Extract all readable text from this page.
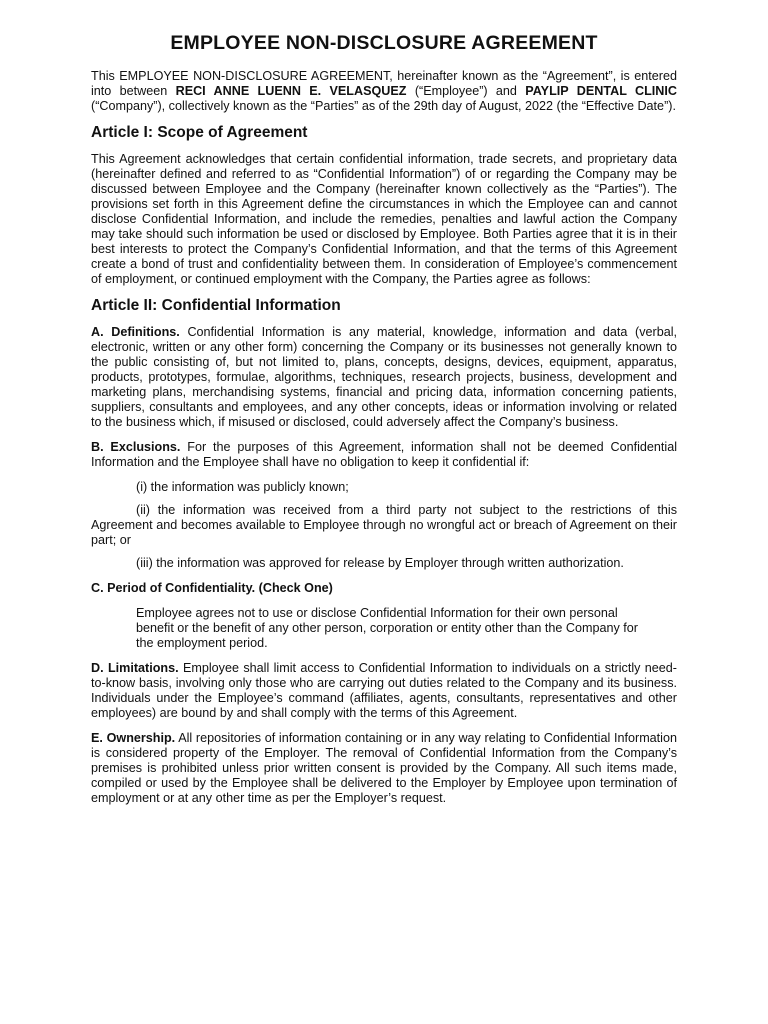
EMPLOYEE NON-DISCLOSURE AGREEMENT

This EMPLOYEE NON-DISCLOSURE AGREEMENT, hereinafter known as the “Agreement”, is entered into between RECI ANNE LUENN E. VELASQUEZ (“Employee”) and PAYLIP DENTAL CLINIC (“Company”), collectively known as the “Parties” as of the 29th day of August, 2022 (the “Effective Date”).

Article I: Scope of Agreement

This Agreement acknowledges that certain confidential information, trade secrets, and proprietary data (hereinafter defined and referred to as “Confidential Information”) of or regarding the Company may be discussed between Employee and the Company (hereinafter known collectively as the “Parties”). The provisions set forth in this Agreement define the circumstances in which the Employee can and cannot disclose Confidential Information, and include the remedies, penalties and lawful action the Company may take should such information be used or disclosed by Employee. Both Parties agree that it is in their best interests to protect the Company’s Confidential Information, and that the terms of this Agreement create a bond of trust and confidentiality between them. In consideration of Employee’s commencement of employment, or continued employment with the Company, the Parties agree as follows:

Article II: Confidential Information

A. Definitions. Confidential Information is any material, knowledge, information and data (verbal, electronic, written or any other form) concerning the Company or its businesses not generally known to the public consisting of, but not limited to, plans, concepts, designs, devices, equipment, apparatus, products, prototypes, formulae, algorithms, techniques, research projects, business, development and marketing plans, merchandising systems, financial and pricing data, information concerning patients, suppliers, consultants and employees, and any other concepts, ideas or information involving or related to the business which, if misused or disclosed, could adversely affect the Company’s business.

B. Exclusions. For the purposes of this Agreement, information shall not be deemed Confidential Information and the Employee shall have no obligation to keep it confidential if:

(i) the information was publicly known;

(ii) the information was received from a third party not subject to the restrictions of this Agreement and becomes available to Employee through no wrongful act or breach of Agreement on their part; or

(iii) the information was approved for release by Employer through written authorization.

C. Period of Confidentiality. (Check One)

Employee agrees not to use or disclose Confidential Information for their own personal benefit or the benefit of any other person, corporation or entity other than the Company for the employment period.

D. Limitations. Employee shall limit access to Confidential Information to individuals on a strictly need-to-know basis, involving only those who are carrying out duties related to the Company and its business. Individuals under the Employee’s command (affiliates, agents, consultants, representatives and other employees) are bound by and shall comply with the terms of this Agreement.

E. Ownership. All repositories of information containing or in any way relating to Confidential Information is considered property of the Employer. The removal of Confidential Information from the Company’s premises is prohibited unless prior written consent is provided by the Company. All such items made, compiled or used by the Employee shall be delivered to the Employer by Employee upon termination of employment or at any other time as per the Employer’s request.
